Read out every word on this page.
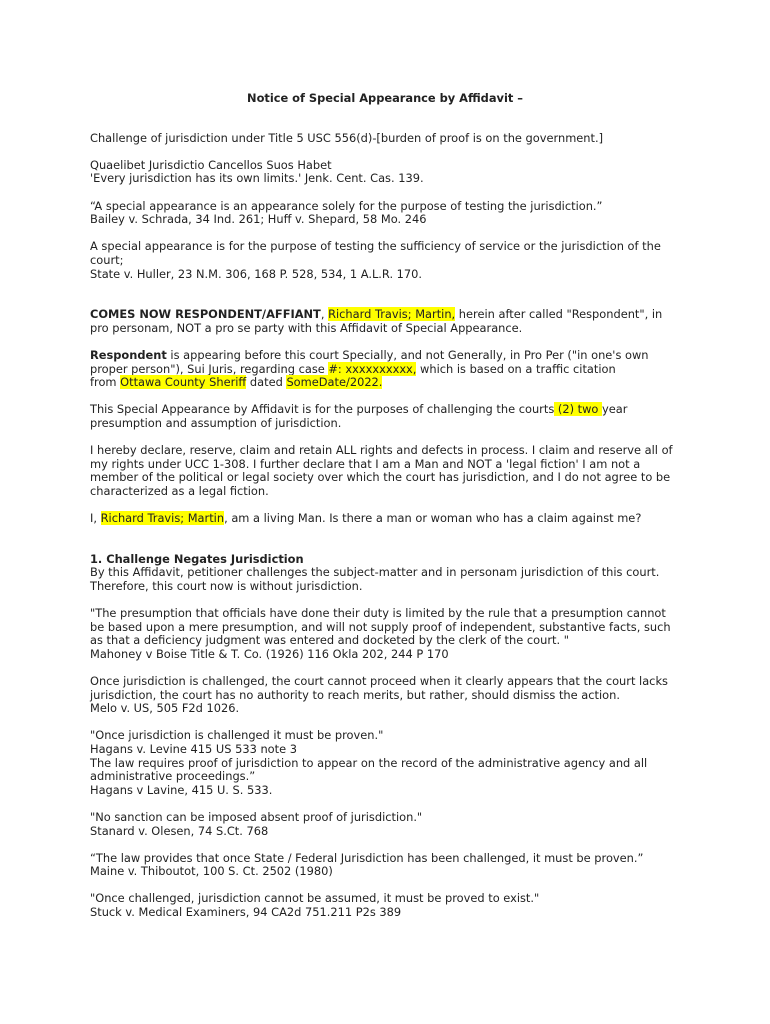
Notice of Special Appearance by Affidavit –

Challenge of jurisdiction under Title 5 USC 556(d)-[burden of proof is on the government.]

Quaelibet Jurisdictio Cancellos Suos Habet
'Every jurisdiction has its own limits.' Jenk. Cent. Cas. 139.

“A special appearance is an appearance solely for the purpose of testing the jurisdiction.”
Bailey v. Schrada, 34 Ind. 261; Huff v. Shepard, 58 Mo. 246

A special appearance is for the purpose of testing the sufficiency of service or the jurisdiction of the
court;
State v. Huller, 23 N.M. 306, 168 P. 528, 534, 1 A.L.R. 170.

COMES NOW RESPONDENT/AFFIANT, Richard Travis; Martin, herein after called "Respondent", in
pro personam, NOT a pro se party with this Affidavit of Special Appearance.

Respondent is appearing before this court Specially, and not Generally, in Pro Per ("in one's own
proper person"), Sui Juris, regarding case #: xxxxxxxxxx, which is based on a traffic citation
from Ottawa County Sheriff dated SomeDate/2022.

This Special Appearance by Affidavit is for the purposes of challenging the courts (2) two year
presumption and assumption of jurisdiction.

I hereby declare, reserve, claim and retain ALL rights and defects in process. I claim and reserve all of
my rights under UCC 1-308. I further declare that I am a Man and NOT a 'legal fiction' I am not a
member of the political or legal society over which the court has jurisdiction, and I do not agree to be
characterized as a legal fiction.

I, Richard Travis; Martin, am a living Man. Is there a man or woman who has a claim against me?

1. Challenge Negates Jurisdiction
By this Affidavit, petitioner challenges the subject-matter and in personam jurisdiction of this court.
Therefore, this court now is without jurisdiction.

"The presumption that officials have done their duty is limited by the rule that a presumption cannot
be based upon a mere presumption, and will not supply proof of independent, substantive facts, such
as that a deficiency judgment was entered and docketed by the clerk of the court. "
Mahoney v Boise Title & T. Co. (1926) 116 Okla 202, 244 P 170

Once jurisdiction is challenged, the court cannot proceed when it clearly appears that the court lacks
jurisdiction, the court has no authority to reach merits, but rather, should dismiss the action.
Melo v. US, 505 F2d 1026.

"Once jurisdiction is challenged it must be proven."
Hagans v. Levine 415 US 533 note 3
The law requires proof of jurisdiction to appear on the record of the administrative agency and all
administrative proceedings.”
Hagans v Lavine, 415 U. S. 533.

"No sanction can be imposed absent proof of jurisdiction."
Stanard v. Olesen, 74 S.Ct. 768

“The law provides that once State / Federal Jurisdiction has been challenged, it must be proven.”
Maine v. Thiboutot, 100 S. Ct. 2502 (1980)

"Once challenged, jurisdiction cannot be assumed, it must be proved to exist."
Stuck v. Medical Examiners, 94 CA2d 751.211 P2s 389
